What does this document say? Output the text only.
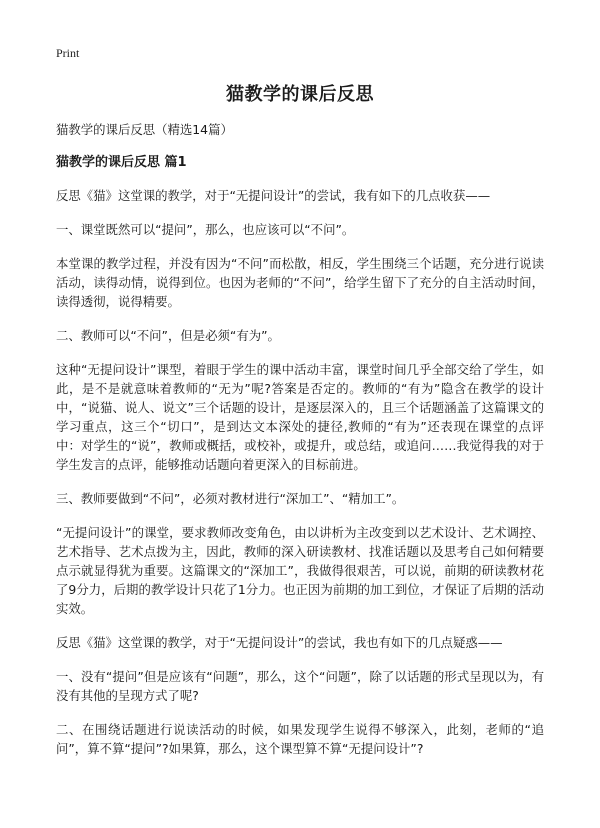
Print
猫教学的课后反思

猫教学的课后反思（精选14篇）

猫教学的课后反思 篇1

反思《猫》这堂课的教学，对于“无提问设计”的尝试，我有如下的几点收获——

一、课堂既然可以“提问”，那么，也应该可以“不问”。

本堂课的教学过程，并没有因为“不问”而松散，相反，学生围绕三个话题，充分进行说读活动，读得动情，说得到位。也因为老师的“不问”，给学生留下了充分的自主活动时间，读得透彻，说得精要。

二、教师可以“不问”，但是必须“有为”。

这种“无提问设计”课型，着眼于学生的课中活动丰富，课堂时间几乎全部交给了学生，如此，是不是就意味着教师的“无为”呢?答案是否定的。教师的“有为”隐含在教学的设计中，“说猫、说人、说文”三个话题的设计，是逐层深入的，且三个话题涵盖了这篇课文的学习重点，这三个“切口”，是到达文本深处的捷径,教师的“有为”还表现在课堂的点评中：对学生的“说”，教师或概括，或校补，或提升，或总结，或追问……我觉得我的对于学生发言的点评，能够推动话题向着更深入的目标前进。

三、教师要做到“不问”，必须对教材进行“深加工”、“精加工”。

“无提问设计”的课堂，要求教师改变角色，由以讲析为主改变到以艺术设计、艺术调控、艺术指导、艺术点拨为主，因此，教师的深入研读教材、找准话题以及思考自己如何精要点示就显得犹为重要。这篇课文的“深加工”，我做得很艰苦，可以说，前期的研读教材花了9分力，后期的教学设计只花了1分力。也正因为前期的加工到位，才保证了后期的活动实效。

反思《猫》这堂课的教学，对于“无提问设计”的尝试，我也有如下的几点疑惑——

一、没有“提问”但是应该有“问题”，那么，这个“问题”，除了以话题的形式呈现以为，有没有其他的呈现方式了呢?

二、在围绕话题进行说读活动的时候，如果发现学生说得不够深入，此刻，老师的“追问”，算不算“提问”?如果算，那么，这个课型算不算“无提问设计”?
